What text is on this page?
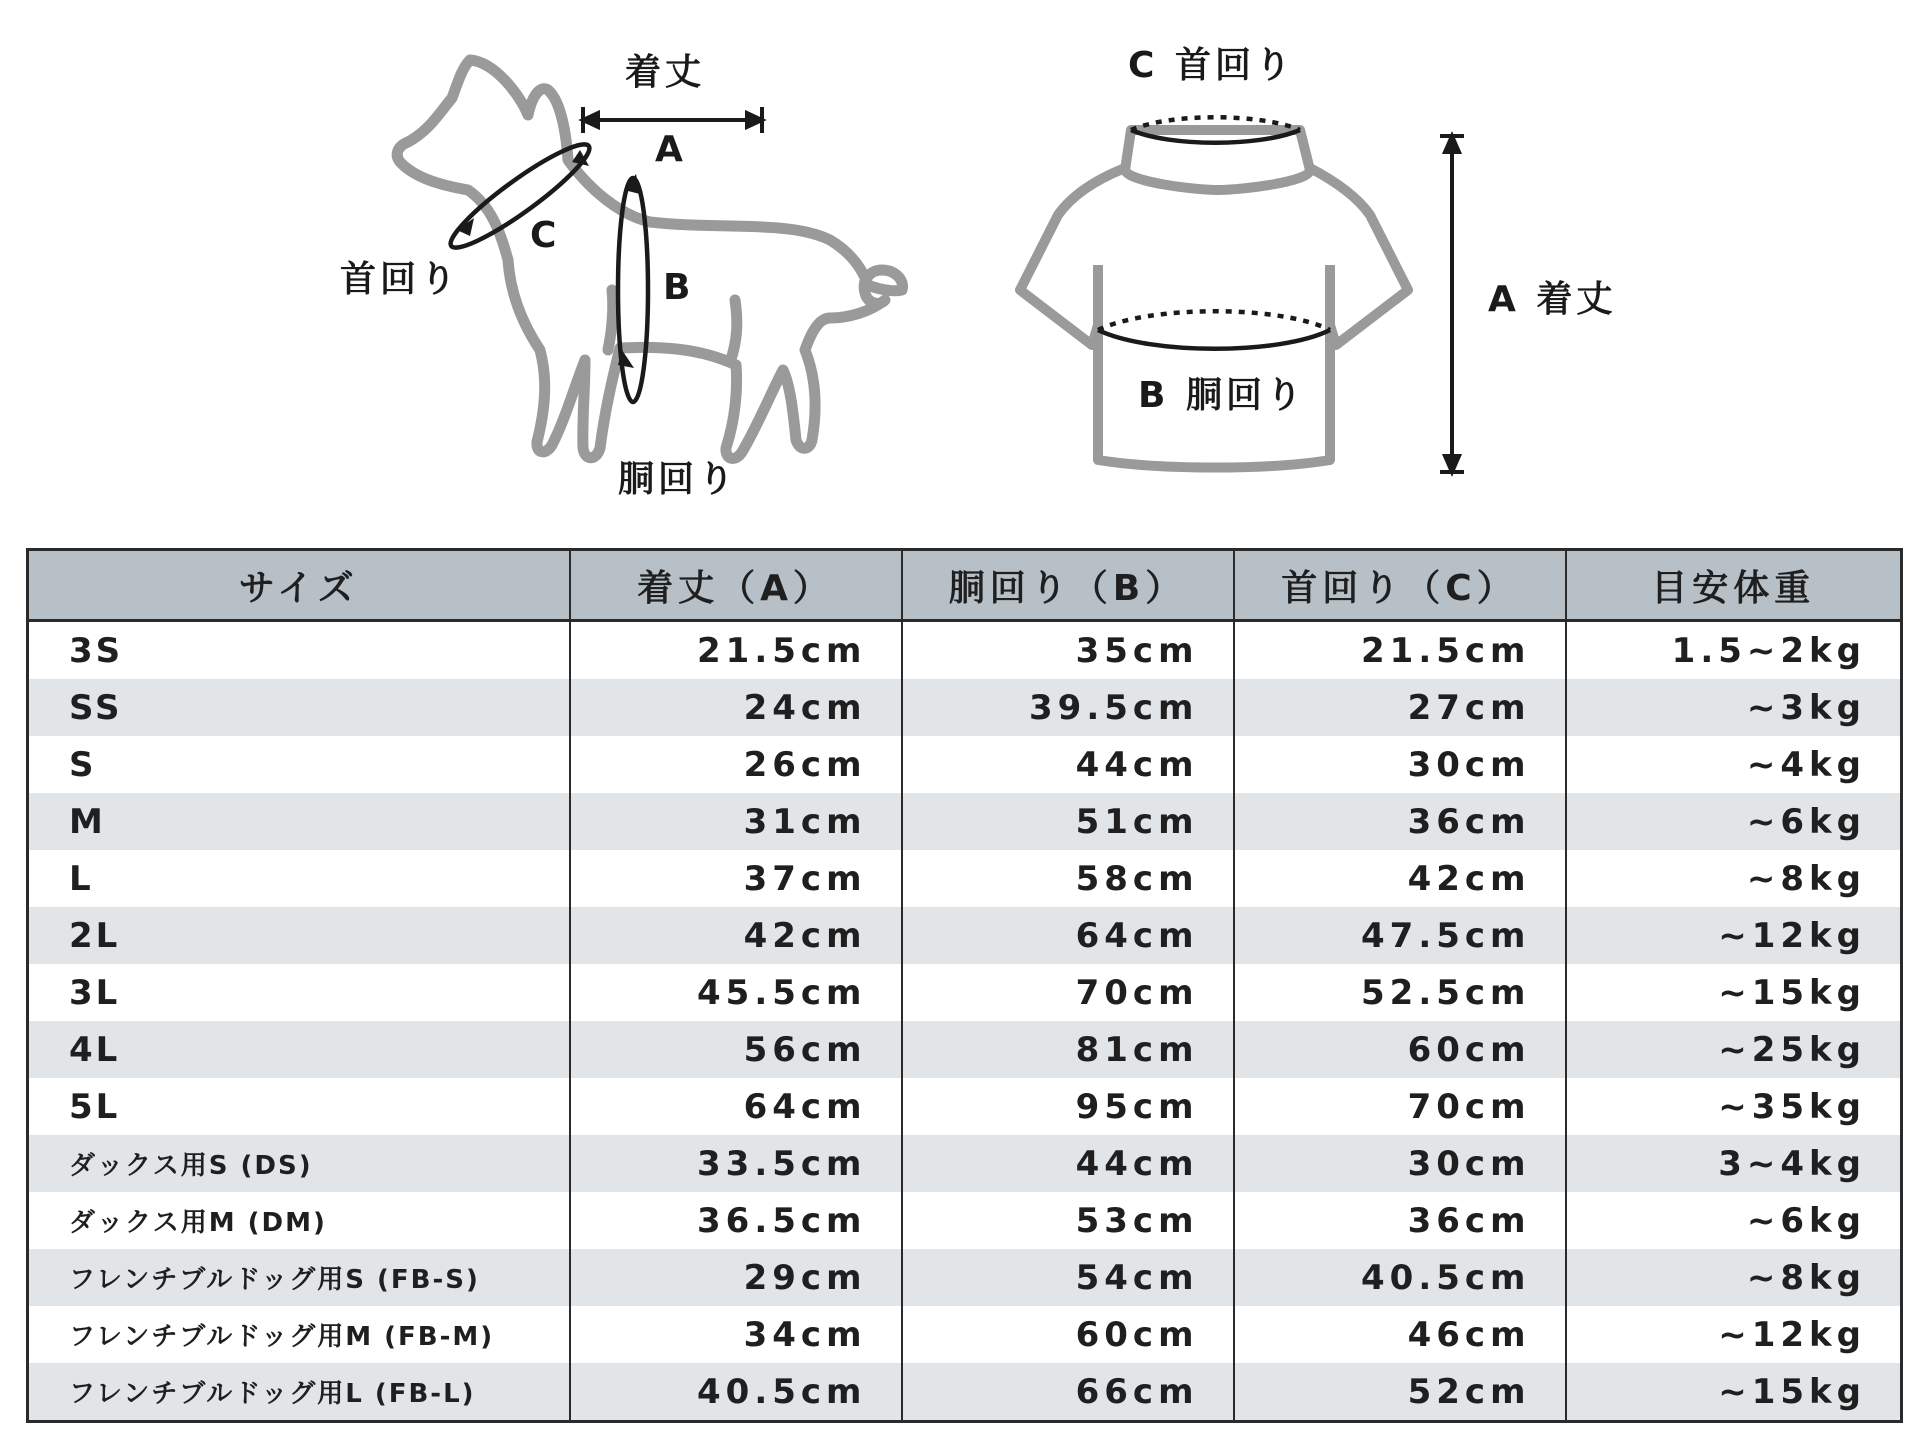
着丈
A
C
首回り	B
胴回り
C 首回り
B 胴回り
A 着丈
サイズ	着丈（A）	胴回り（B）	首回り（C）	目安体重
3S	21.5cm	35cm	21.5cm	1.5~2kg
SS	24cm	39.5cm	27cm	~3kg
S	26cm	44cm	30cm	~4kg
M	31cm	51cm	36cm	~6kg
L	37cm	58cm	42cm	~8kg
2L	42cm	64cm	47.5cm	~12kg
3L	45.5cm	70cm	52.5cm	~15kg
4L	56cm	81cm	60cm	~25kg
5L	64cm	95cm	70cm	~35kg
ダックス用S (DS)	33.5cm	44cm	30cm	3~4kg
ダックス用M (DM)	36.5cm	53cm	36cm	~6kg
フレンチブルドッグ用S (FB-S)	29cm	54cm	40.5cm	~8kg
フレンチブルドッグ用M (FB-M)	34cm	60cm	46cm	~12kg
フレンチブルドッグ用L (FB-L)	40.5cm	66cm	52cm	~15kg
